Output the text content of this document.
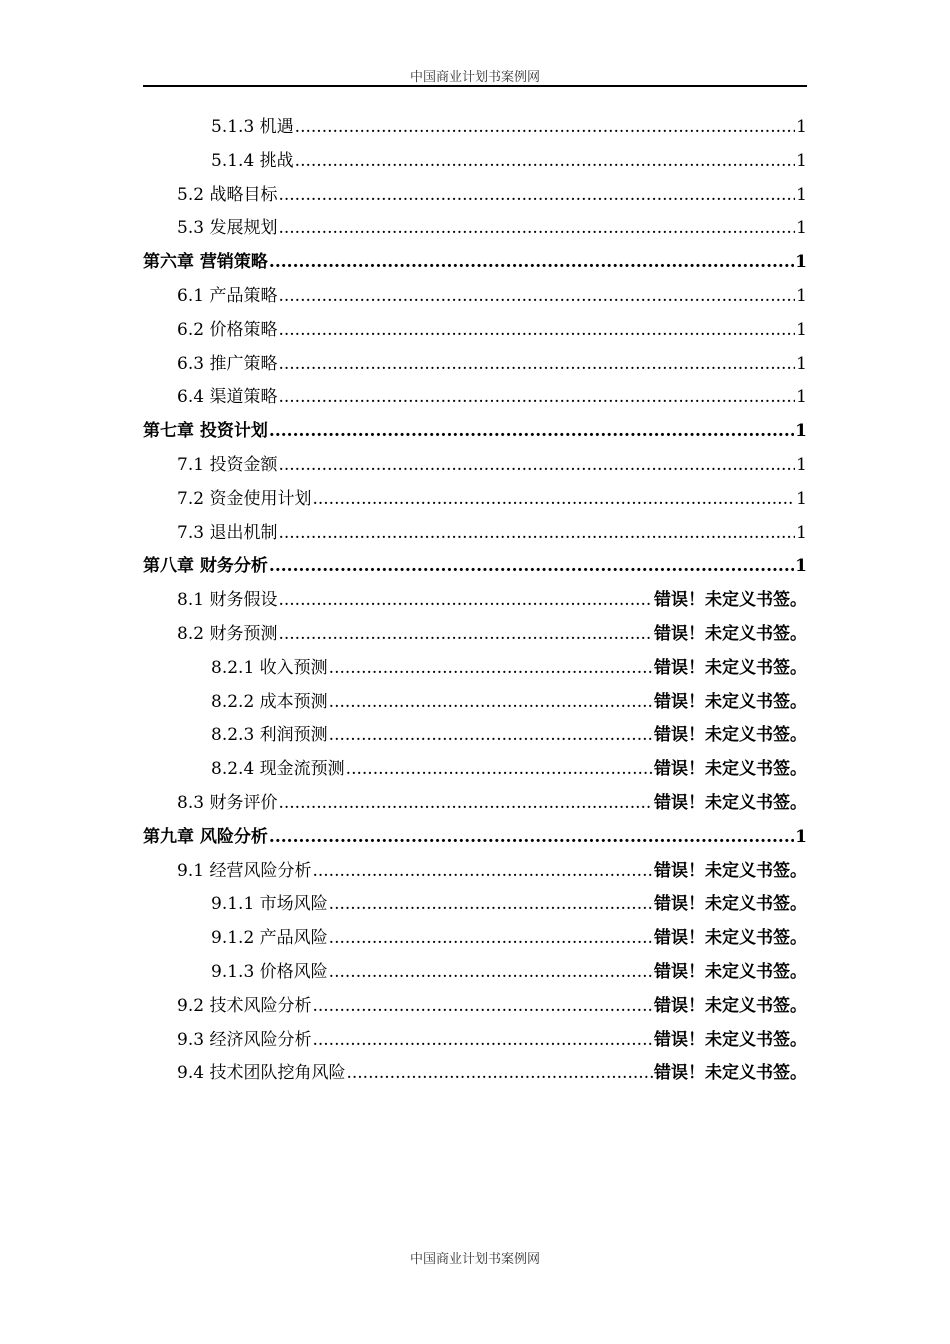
中国商业计划书案例网
5.1.3 机遇 .....	1
5.1.4 挑战 .....	1
5.2 战略目标 .....	1
5.3 发展规划 .....	1
第六章 营销策略 .....	1
6.1 产品策略 .....	1
6.2 价格策略 .....	1
6.3 推广策略 .....	1
6.4 渠道策略 .....	1
第七章 投资计划 .....	1
7.1 投资金额 .....	1
7.2 资金使用计划 .....	1
7.3 退出机制 .....	1
第八章 财务分析 .....	1
8.1 财务假设 .....	错误！未定义书签。
8.2 财务预测 .....	错误！未定义书签。
8.2.1 收入预测 .....	错误！未定义书签。
8.2.2 成本预测 .....	错误！未定义书签。
8.2.3 利润预测 .....	错误！未定义书签。
8.2.4 现金流预测 .....	错误！未定义书签。
8.3 财务评价 .....	错误！未定义书签。
第九章 风险分析 .....	1
9.1 经营风险分析 .....	错误！未定义书签。
9.1.1 市场风险 .....	错误！未定义书签。
9.1.2 产品风险 .....	错误！未定义书签。
9.1.3 价格风险 .....	错误！未定义书签。
9.2 技术风险分析 .....	错误！未定义书签。
9.3 经济风险分析 .....	错误！未定义书签。
9.4 技术团队挖角风险 .....	错误！未定义书签。
中国商业计划书案例网
